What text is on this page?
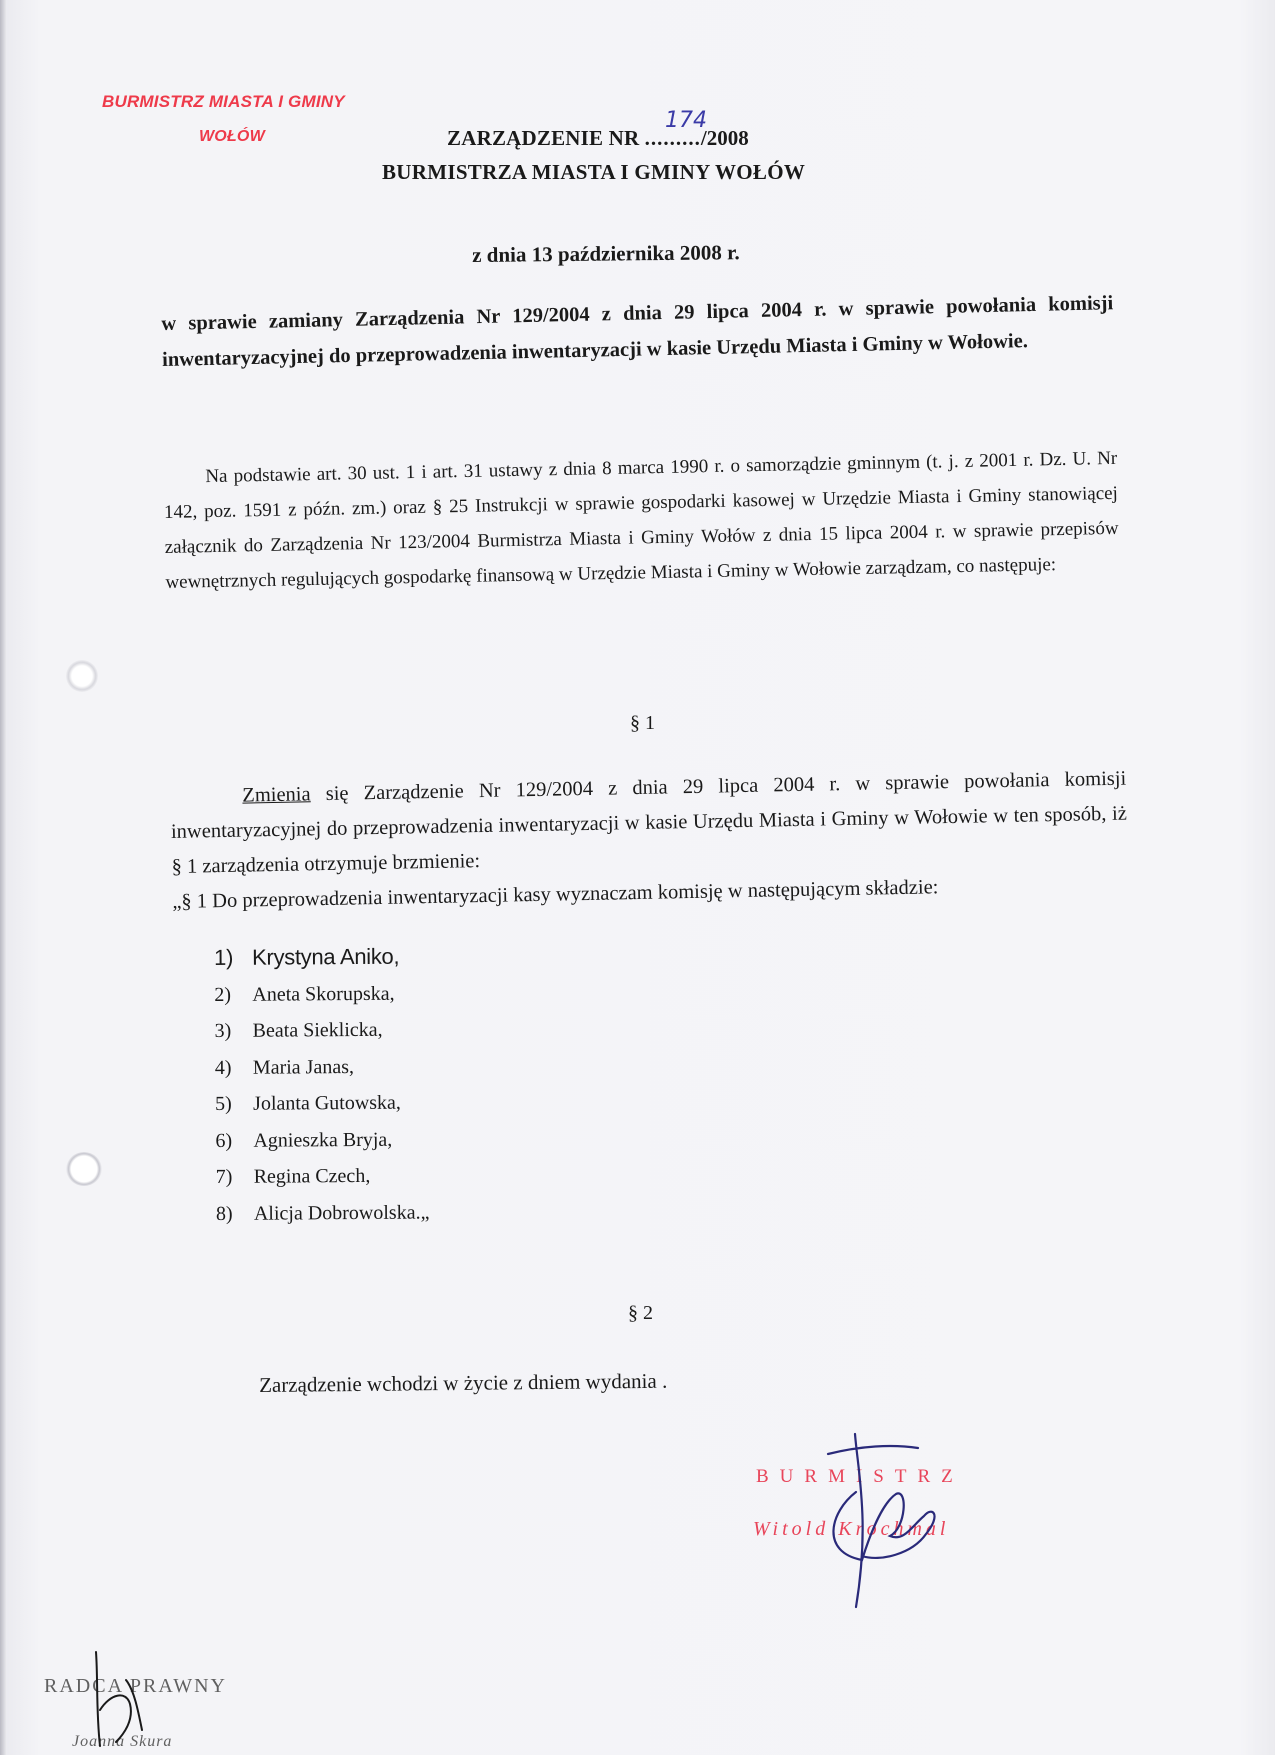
BURMISTRZ MIASTA I GMINY
WOŁÓW	ZARZĄDZENIE NR ........./2008
174
BURMISTRZA MIASTA I GMINY WOŁÓW
z dnia 13 października 2008 r.
w sprawie zamiany Zarządzenia Nr 129/2004 z dnia 29 lipca 2004 r. w sprawie powołania komisji inwentaryzacyjnej do przeprowadzenia inwentaryzacji w kasie Urzędu Miasta i Gminy w Wołowie.
Na podstawie art. 30 ust. 1 i art. 31 ustawy z dnia 8 marca 1990 r. o samorządzie gminnym (t. j. z 2001 r. Dz. U. Nr 142, poz. 1591 z późn. zm.) oraz § 25 Instrukcji w sprawie gospodarki kasowej w Urzędzie Miasta i Gminy stanowiącej załącznik do Zarządzenia Nr 123/2004 Burmistrza Miasta i Gminy Wołów z dnia 15 lipca 2004 r. w sprawie przepisów wewnętrznych regulujących gospodarkę finansową w Urzędzie Miasta i Gminy w Wołowie zarządzam, co następuje:
§ 1
Zmienia się Zarządzenie Nr 129/2004 z dnia 29 lipca 2004 r. w sprawie powołania komisji inwentaryzacyjnej do przeprowadzenia inwentaryzacji w kasie Urzędu Miasta i Gminy w Wołowie w ten sposób, iż § 1 zarządzenia otrzymuje brzmienie:
„§ 1 Do przeprowadzenia inwentaryzacji kasy wyznaczam komisję w następującym składzie:
1) Krystyna Aniko,
2)	Aneta Skorupska,
3)	Beata Sieklicka,
4)	Maria Janas,
5)	Jolanta Gutowska,
6)	Agnieszka Bryja,
7)	Regina Czech,
8)	Alicja Dobrowolska.„
§ 2
Zarządzenie wchodzi w życie z dniem wydania .
BURMISTRZ
Witold Krochmal
RADCA PRAWNY
Joanna Skura
